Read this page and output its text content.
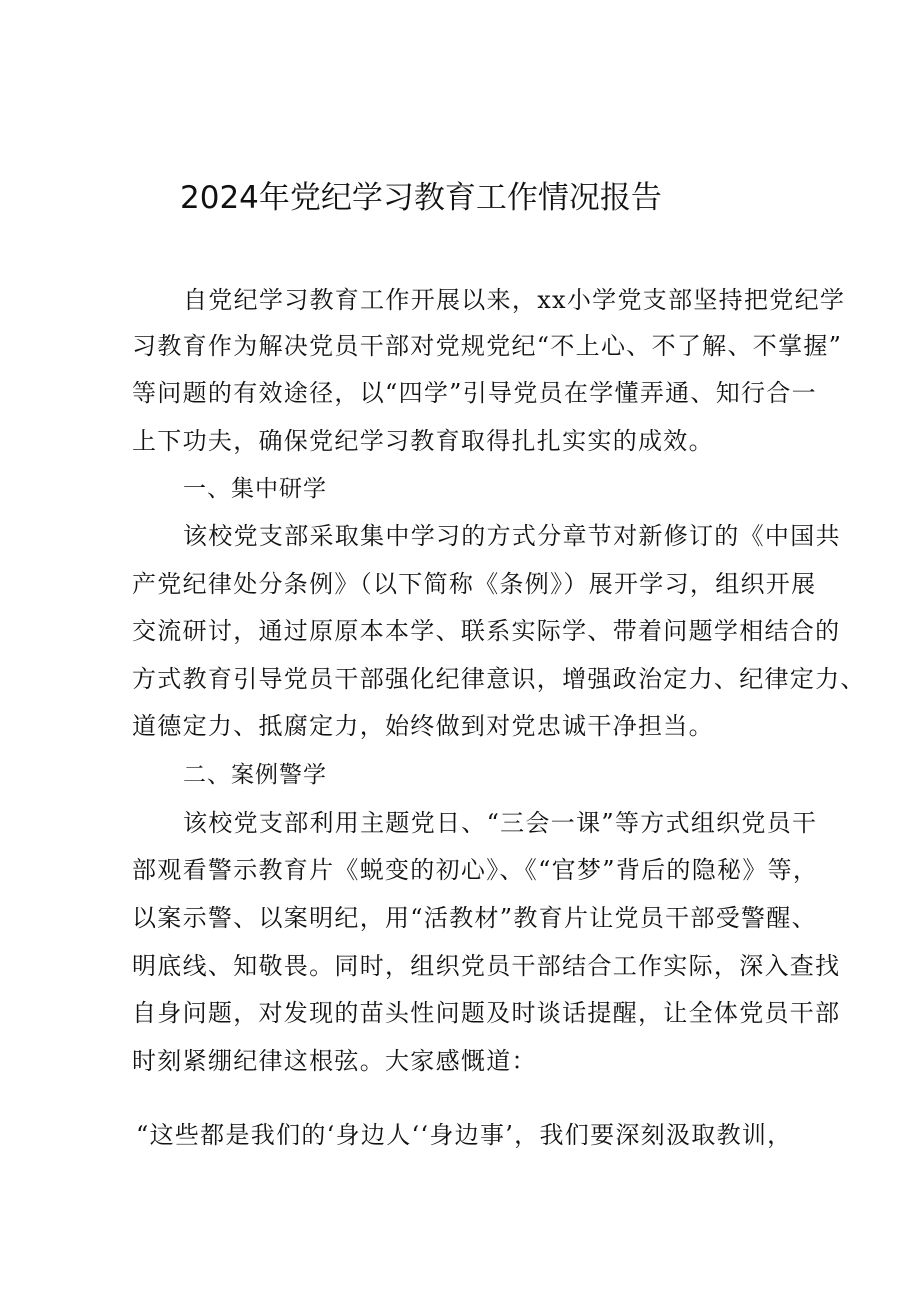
2024年党纪学习教育工作情况报告
自党纪学习教育工作开展以来，xx小学党支部坚持把党纪学
习教育作为解决党员干部对党规党纪“不上心、不了解、不掌握”
等问题的有效途径，以“四学”引导党员在学懂弄通、知行合一
上下功夫，确保党纪学习教育取得扎扎实实的成效。
一、集中研学
该校党支部采取集中学习的方式分章节对新修订的《中国共
产党纪律处分条例》（以下简称《条例》）展开学习，组织开展
交流研讨，通过原原本本学、联系实际学、带着问题学相结合的
方式教育引导党员干部强化纪律意识，增强政治定力、纪律定力、
道德定力、抵腐定力，始终做到对党忠诚干净担当。
二、案例警学
该校党支部利用主题党日、“三会一课”等方式组织党员干
部观看警示教育片《蜕变的初心》、《“官梦”背后的隐秘》等，
以案示警、以案明纪，用“活教材”教育片让党员干部受警醒、
明底线、知敬畏。同时，组织党员干部结合工作实际，深入查找
自身问题，对发现的苗头性问题及时谈话提醒，让全体党员干部
时刻紧绷纪律这根弦。大家感慨道：
“这些都是我们的‘身边人‘‘身边事’，我们要深刻汲取教训，
